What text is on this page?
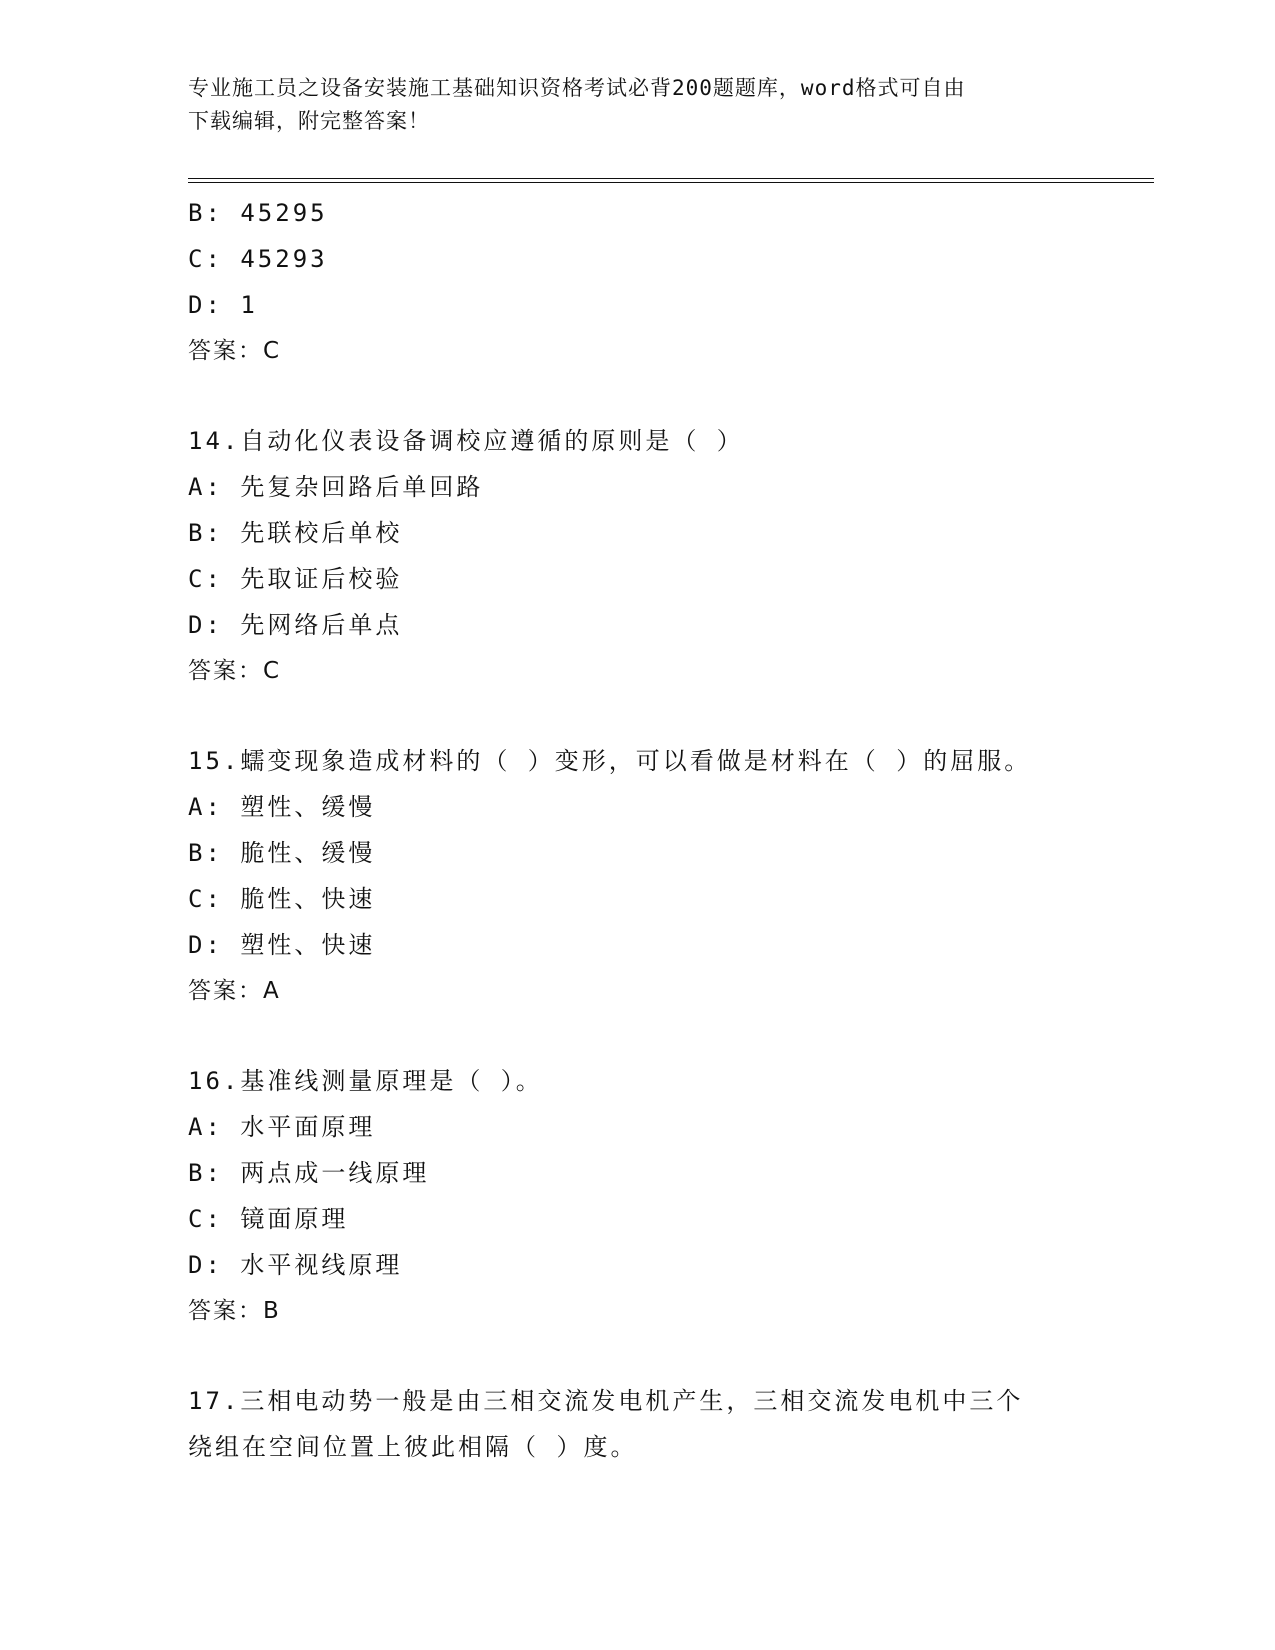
专业施工员之设备安装施工基础知识资格考试必背200题题库，word格式可自由
下载编辑，附完整答案！
B: 45295
C: 45293
D: 1
答案：C
14.自动化仪表设备调校应遵循的原则是（ ）
A: 先复杂回路后单回路
B: 先联校后单校
C: 先取证后校验
D: 先网络后单点
答案：C
15.蠕变现象造成材料的（ ）变形，可以看做是材料在（ ）的屈服。
A: 塑性、缓慢
B: 脆性、缓慢
C: 脆性、快速
D: 塑性、快速
答案：A
16.基准线测量原理是（ ）。
A: 水平面原理
B: 两点成一线原理
C: 镜面原理
D: 水平视线原理
答案：B
17.三相电动势一般是由三相交流发电机产生，三相交流发电机中三个
绕组在空间位置上彼此相隔（ ）度。
